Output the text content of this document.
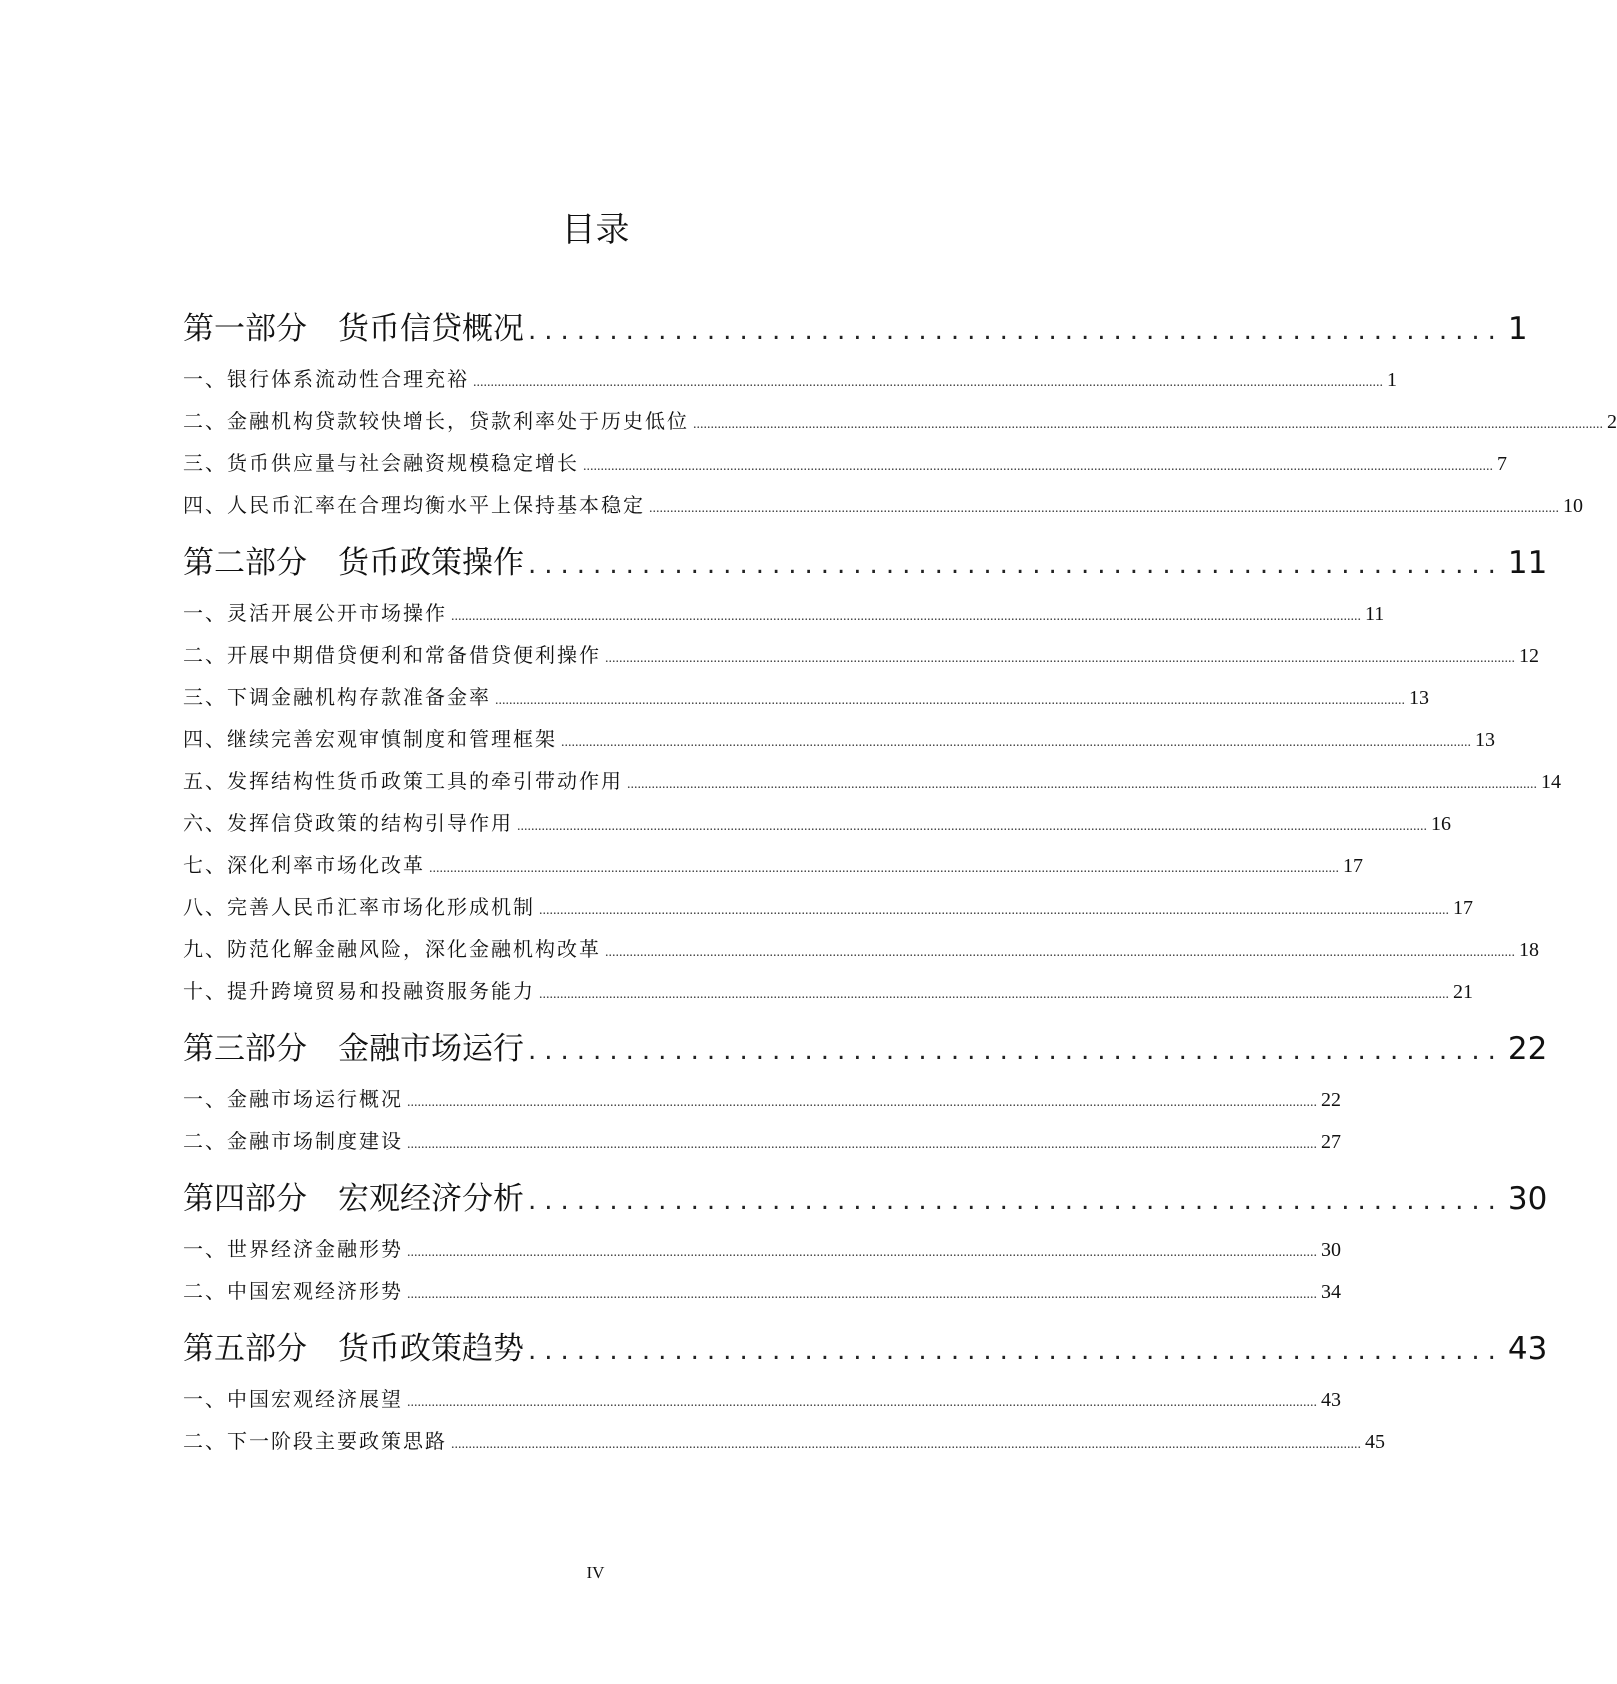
目录
第一部分　货币信贷概况 ............................................................ 1
一、银行体系流动性合理充裕 .................................................................................................................................................................................................................................................................... 1
二、金融机构贷款较快增长，贷款利率处于历史低位 .................................................................................................................................................................................................................................................................... 2
三、货币供应量与社会融资规模稳定增长 .................................................................................................................................................................................................................................................................... 7
四、人民币汇率在合理均衡水平上保持基本稳定 .................................................................................................................................................................................................................................................................... 10
第二部分　货币政策操作 ............................................................ 11
一、灵活开展公开市场操作 .................................................................................................................................................................................................................................................................... 11
二、开展中期借贷便利和常备借贷便利操作 .................................................................................................................................................................................................................................................................... 12
三、下调金融机构存款准备金率 .................................................................................................................................................................................................................................................................... 13
四、继续完善宏观审慎制度和管理框架 .................................................................................................................................................................................................................................................................... 13
五、发挥结构性货币政策工具的牵引带动作用 .................................................................................................................................................................................................................................................................... 14
六、发挥信贷政策的结构引导作用 .................................................................................................................................................................................................................................................................... 16
七、深化利率市场化改革 .................................................................................................................................................................................................................................................................... 17
八、完善人民币汇率市场化形成机制 .................................................................................................................................................................................................................................................................... 17
九、防范化解金融风险，深化金融机构改革 .................................................................................................................................................................................................................................................................... 18
十、提升跨境贸易和投融资服务能力 .................................................................................................................................................................................................................................................................... 21
第三部分　金融市场运行 ............................................................ 22
一、金融市场运行概况 .................................................................................................................................................................................................................................................................... 22
二、金融市场制度建设 .................................................................................................................................................................................................................................................................... 27
第四部分　宏观经济分析 ............................................................ 30
一、世界经济金融形势 .................................................................................................................................................................................................................................................................... 30
二、中国宏观经济形势 .................................................................................................................................................................................................................................................................... 34
第五部分　货币政策趋势 ............................................................ 43
一、中国宏观经济展望 .................................................................................................................................................................................................................................................................... 43
二、下一阶段主要政策思路 .................................................................................................................................................................................................................................................................... 45
IV
